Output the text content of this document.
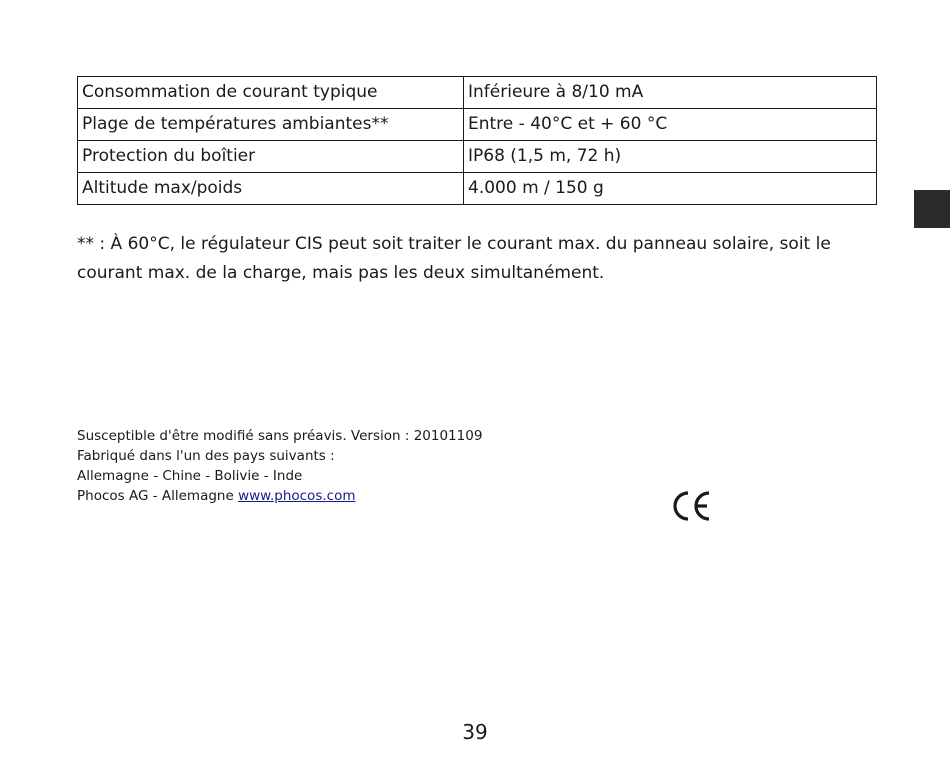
Consommation de courant typique	Inférieure à 8/10 mA
Plage de températures ambiantes**	Entre - 40°C et + 60 °C
Protection du boîtier	IP68 (1,5 m, 72 h)
Altitude max/poids	4.000 m / 150 g

** : À 60°C, le régulateur CIS peut soit traiter le courant max. du panneau solaire, soit le courant max. de la charge, mais pas les deux simultanément.

Susceptible d'être modifié sans préavis. Version : 20101109
Fabriqué dans l'un des pays suivants :
Allemagne - Chine - Bolivie - Inde
Phocos AG - Allemagne www.phocos.com
39
